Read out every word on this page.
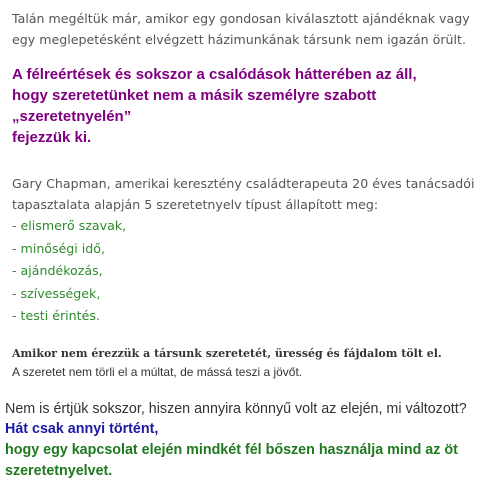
Talán megéltük már, amikor egy gondosan kiválasztott ajándéknak vagy egy meglepetésként elvégzett házimunkának társunk nem igazán örült.

A félreértések és sokszor a csalódások hátterében az áll,
hogy szeretetünket nem a másik személyre szabott „szeretetnyelén”
fejezzük ki.

Gary Chapman, amerikai keresztény családterapeuta 20 éves tanácsadói tapasztalata alapján 5 szeretetnyelv típust állapított meg:

- elismerő szavak,
- minőségi idő,
- ajándékozás,
- szívességek,
- testi érintés.

Amikor nem érezzük a társunk szeretetét, üresség és fájdalom tölt el.

A szeretet nem törli el a múltat, de mássá teszi a jövőt.

Nem is értjük sokszor, hiszen annyira könnyű volt az elején, mi változott?

Hát csak annyi történt,
hogy egy kapcsolat elején mindkét fél bőszen használja mind az öt szeretetnyelvet.
